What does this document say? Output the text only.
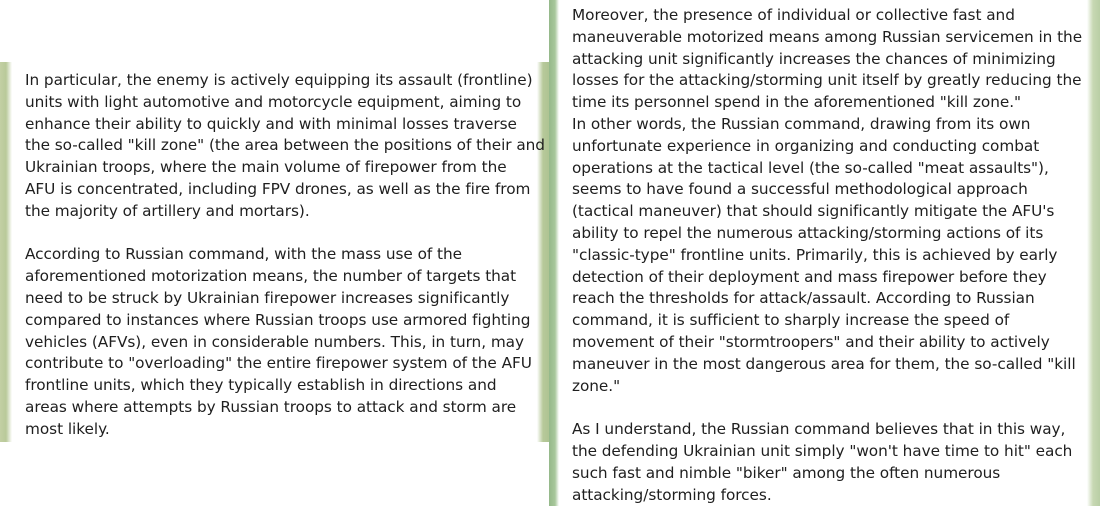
In particular, the enemy is actively equipping its assault (frontline)
units with light automotive and motorcycle equipment, aiming to
enhance their ability to quickly and with minimal losses traverse
the so-called "kill zone" (the area between the positions of their and
Ukrainian troops, where the main volume of firepower from the
AFU is concentrated, including FPV drones, as well as the fire from
the majority of artillery and mortars).

According to Russian command, with the mass use of the
aforementioned motorization means, the number of targets that
need to be struck by Ukrainian firepower increases significantly
compared to instances where Russian troops use armored fighting
vehicles (AFVs), even in considerable numbers. This, in turn, may
contribute to "overloading" the entire firepower system of the AFU
frontline units, which they typically establish in directions and
areas where attempts by Russian troops to attack and storm are
most likely.

Moreover, the presence of individual or collective fast and
maneuverable motorized means among Russian servicemen in the
attacking unit significantly increases the chances of minimizing
losses for the attacking/storming unit itself by greatly reducing the
time its personnel spend in the aforementioned "kill zone."
In other words, the Russian command, drawing from its own
unfortunate experience in organizing and conducting combat
operations at the tactical level (the so-called "meat assaults"),
seems to have found a successful methodological approach
(tactical maneuver) that should significantly mitigate the AFU's
ability to repel the numerous attacking/storming actions of its
"classic-type" frontline units. Primarily, this is achieved by early
detection of their deployment and mass firepower before they
reach the thresholds for attack/assault. According to Russian
command, it is sufficient to sharply increase the speed of
movement of their "stormtroopers" and their ability to actively
maneuver in the most dangerous area for them, the so-called "kill
zone."

As I understand, the Russian command believes that in this way,
the defending Ukrainian unit simply "won't have time to hit" each
such fast and nimble "biker" among the often numerous
attacking/storming forces.
